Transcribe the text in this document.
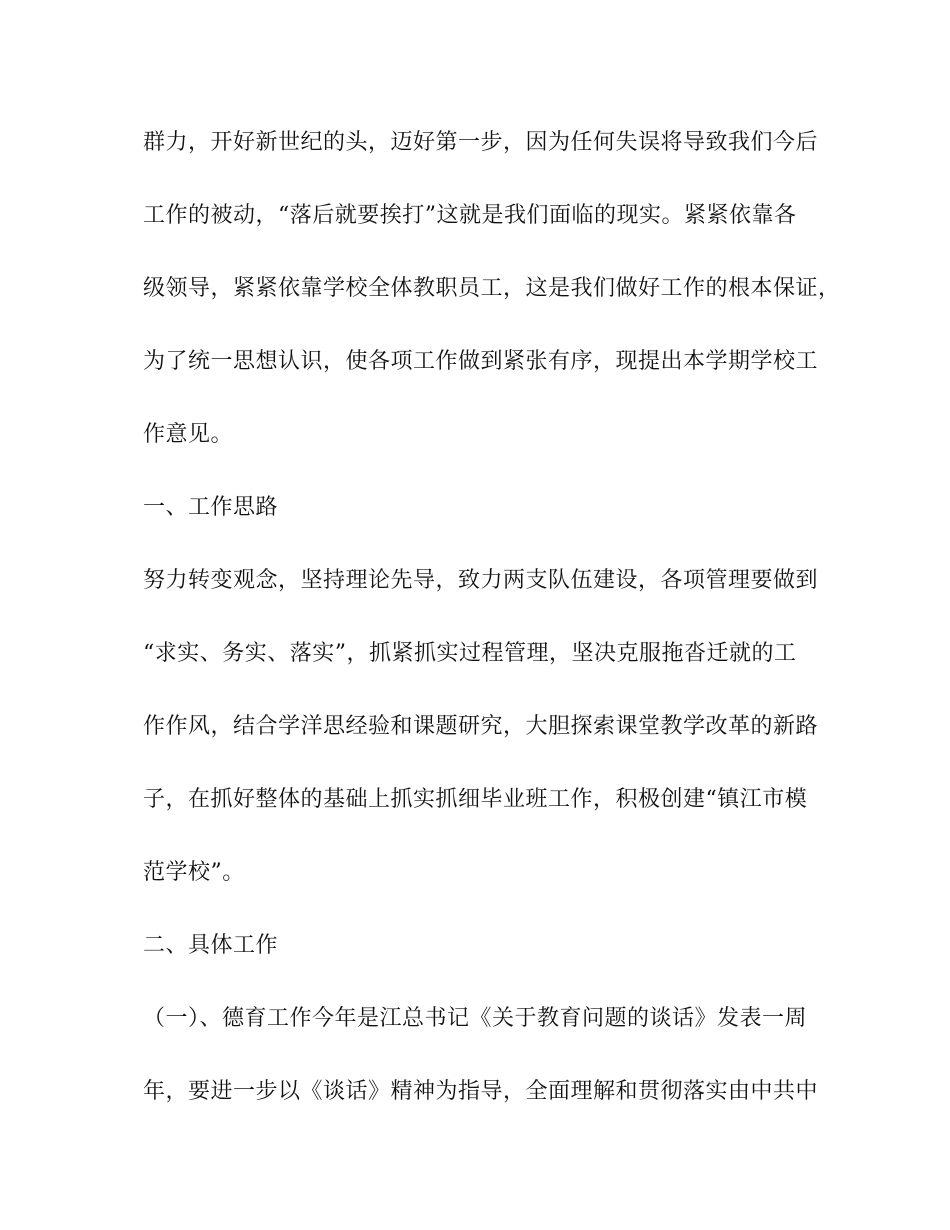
群力，开好新世纪的头，迈好第一步，因为任何失误将导致我们今后
工作的被动，“落后就要挨打”这就是我们面临的现实。紧紧依靠各
级领导，紧紧依靠学校全体教职员工，这是我们做好工作的根本保证，
为了统一思想认识，使各项工作做到紧张有序，现提出本学期学校工
作意见。
一、工作思路
努力转变观念，坚持理论先导，致力两支队伍建设，各项管理要做到
“求实、务实、落实”，抓紧抓实过程管理，坚决克服拖沓迁就的工
作作风，结合学洋思经验和课题研究，大胆探索课堂教学改革的新路
子，在抓好整体的基础上抓实抓细毕业班工作，积极创建“镇江市模
范学校”。
二、具体工作
（一）、德育工作今年是江总书记《关于教育问题的谈话》发表一周
年，要进一步以《谈话》精神为指导，全面理解和贯彻落实由中共中
